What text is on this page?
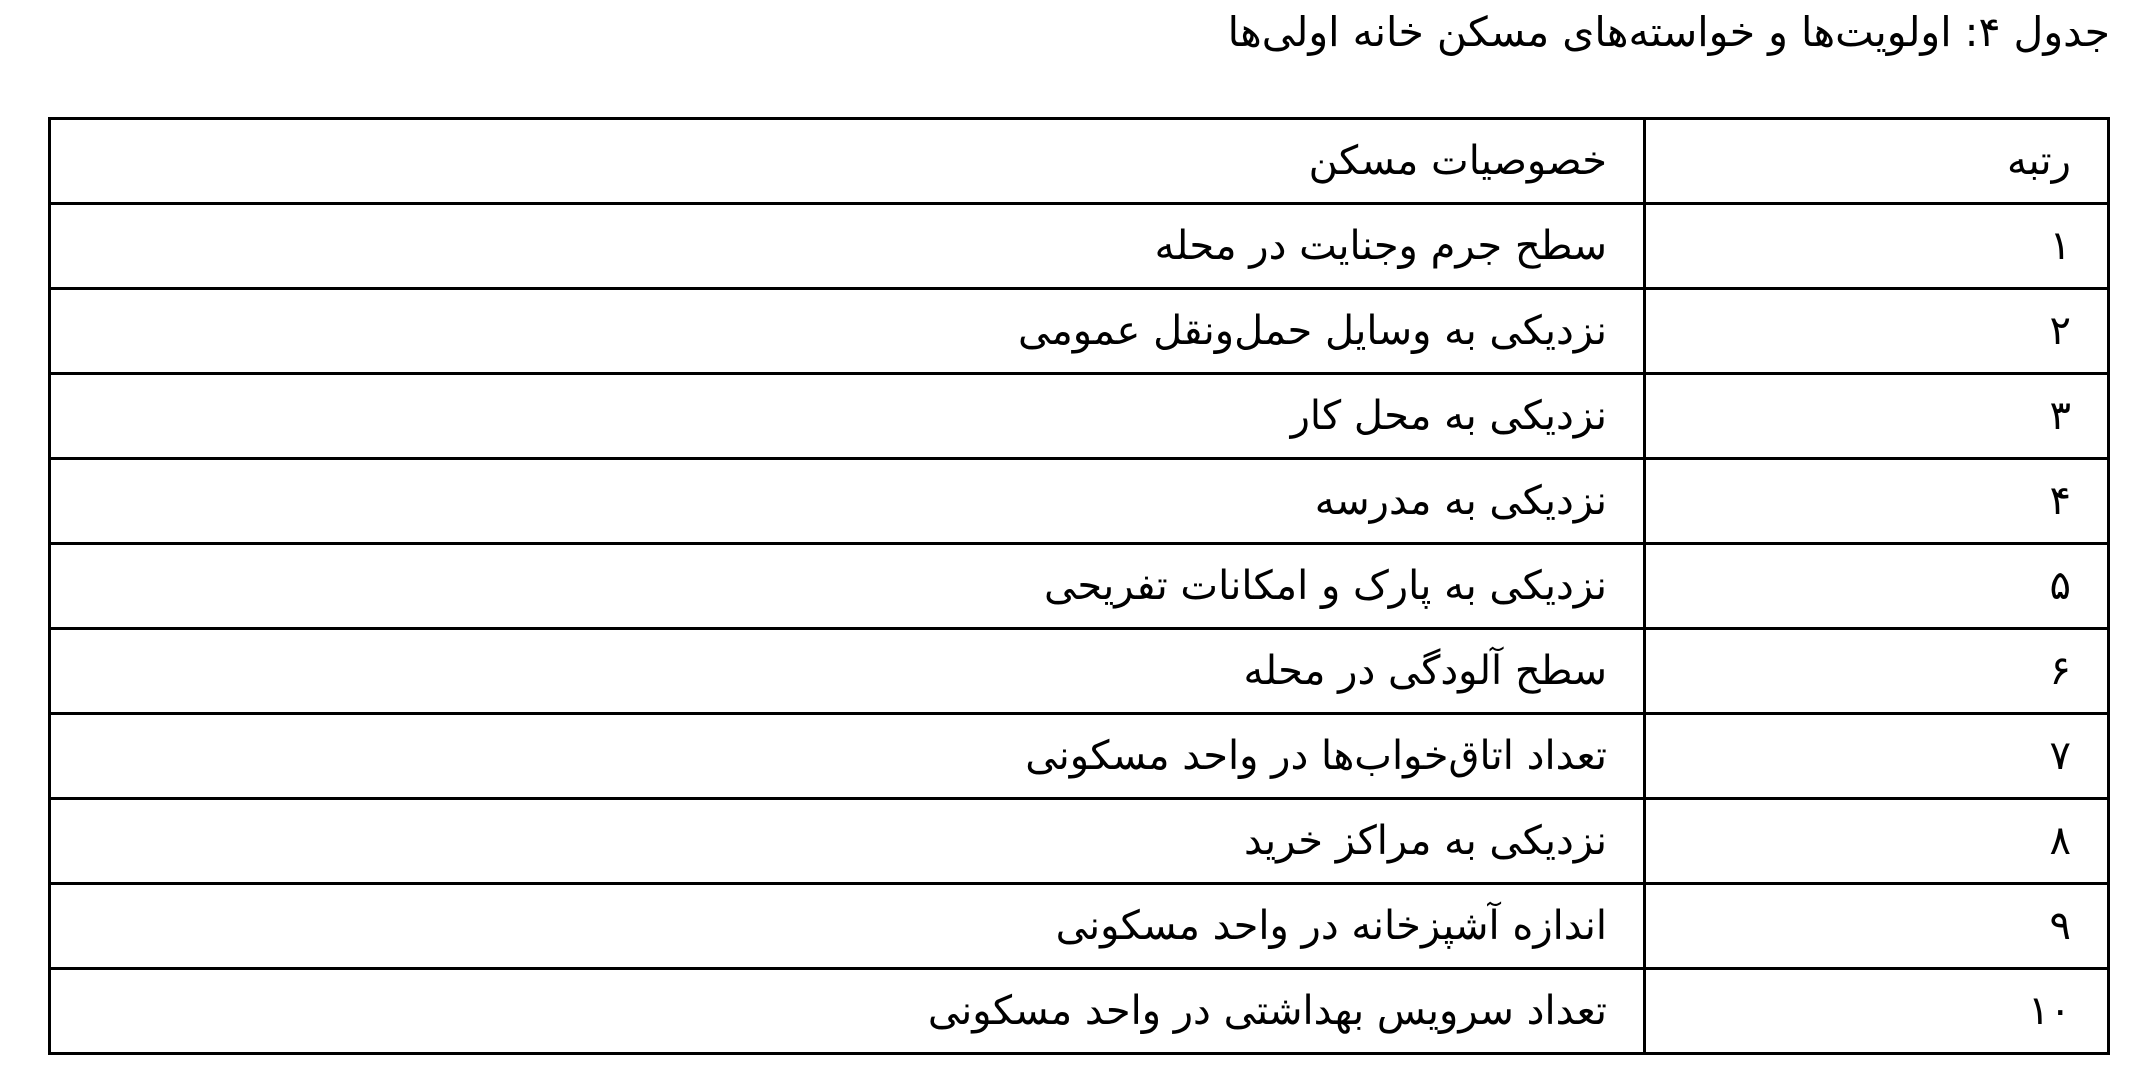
جدول ۴: اولویت‌ها و خواسته‌های مسکن خانه اولی‌ها
رتبه	خصوصیات مسکن
۱	سطح جرم وجنایت در محله
۲	نزدیکی به وسایل حمل‌ونقل عمومی
۳	نزدیکی به محل کار
۴	نزدیکی به مدرسه
۵	نزدیکی به پارک و امکانات تفریحی
۶	سطح آلودگی در محله
۷	تعداد اتاق‌خواب‌ها در واحد مسکونی
۸	نزدیکی به مراکز خرید
۹	اندازه آشپزخانه در واحد مسکونی
۱۰	تعداد سرویس بهداشتی در واحد مسکونی
